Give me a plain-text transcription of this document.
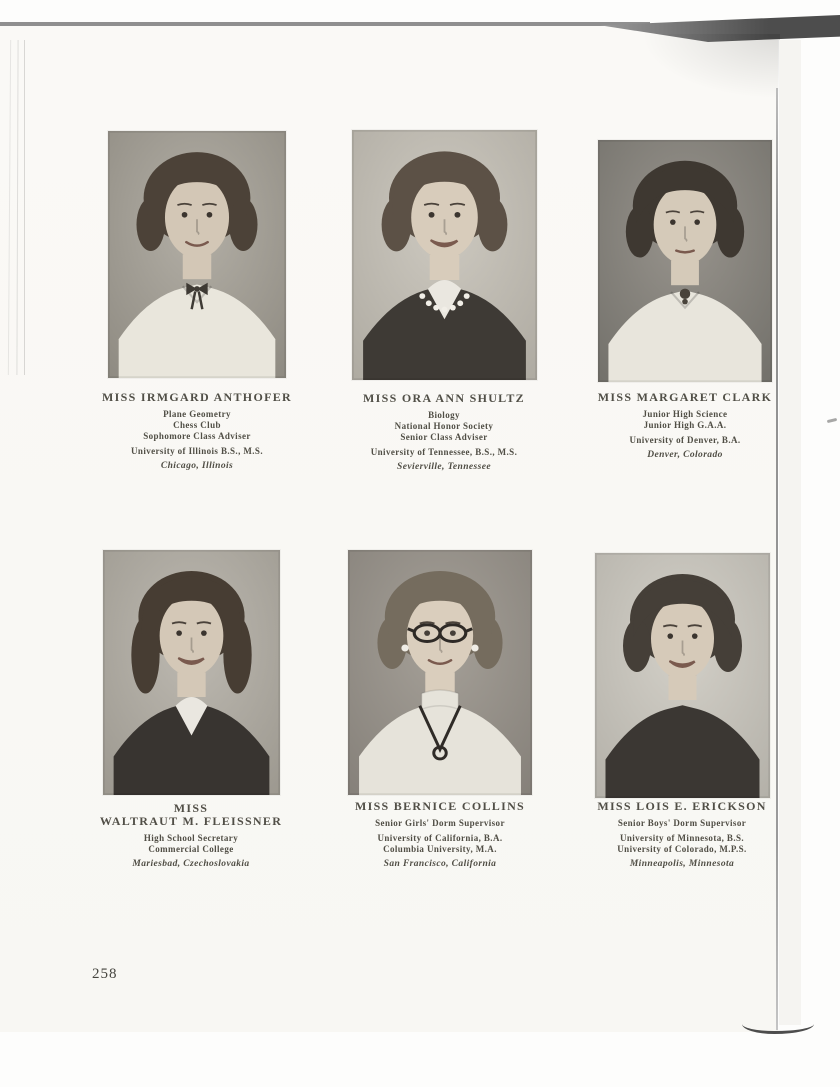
MISS IRMGARD ANTHOFER
Plane Geometry
Chess Club
Sophomore Class Adviser
University of Illinois B.S., M.S.
Chicago, Illinois
MISS ORA ANN SHULTZ
Biology
National Honor Society
Senior Class Adviser
University of Tennessee, B.S., M.S.
Sevierville, Tennessee
MISS MARGARET CLARK
Junior High Science
Junior High G.A.A.
University of Denver, B.A.
Denver, Colorado
MISS
WALTRAUT M. FLEISSNER
High School Secretary
Commercial College
Mariesbad, Czechoslovakia
MISS BERNICE COLLINS
Senior Girls' Dorm Supervisor
University of California, B.A.
Columbia University, M.A.
San Francisco, California
MISS LOIS E. ERICKSON
Senior Boys' Dorm Supervisor
University of Minnesota, B.S.
University of Colorado, M.P.S.
Minneapolis, Minnesota
258
